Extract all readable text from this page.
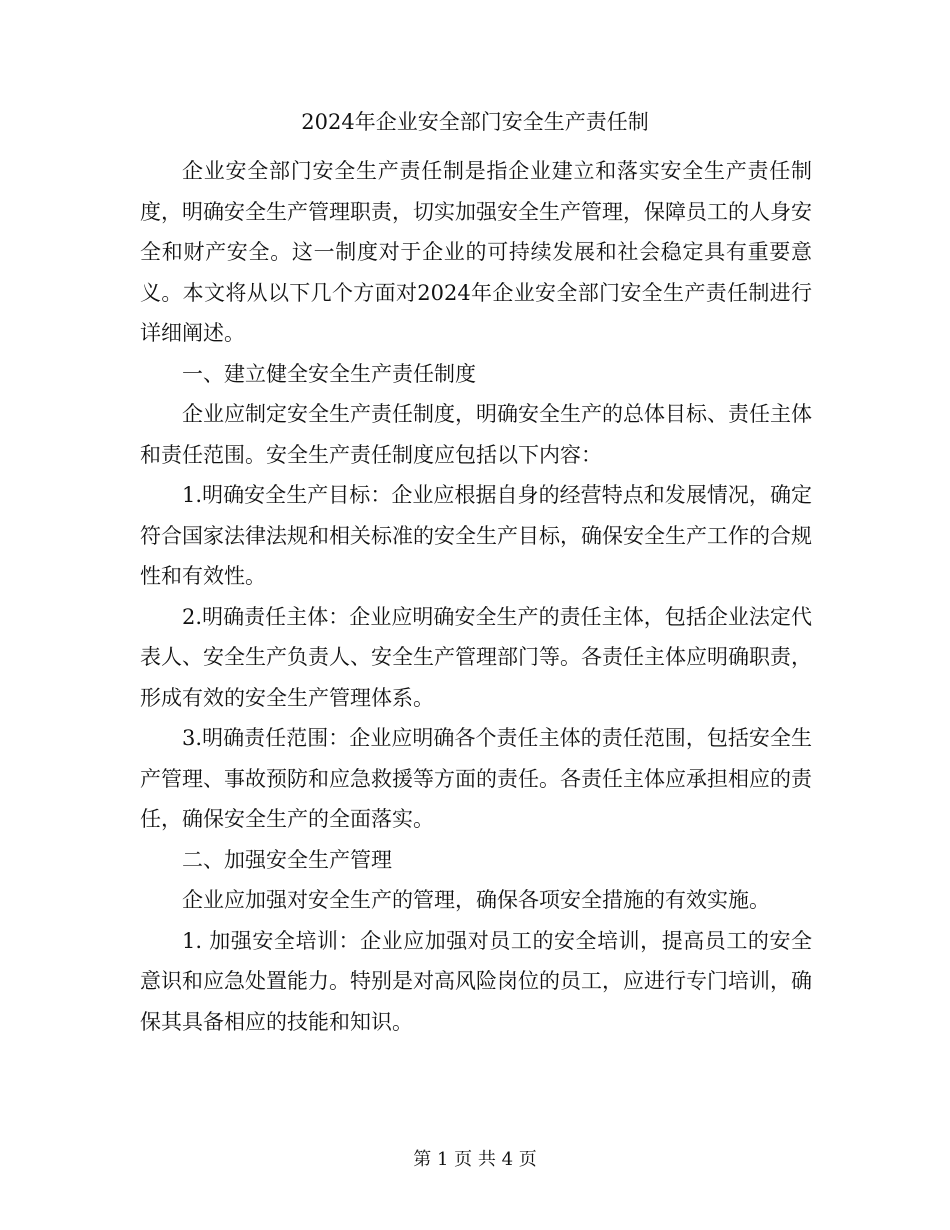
2024年企业安全部门安全生产责任制

企业安全部门安全生产责任制是指企业建立和落实安全生产责任制度，明确安全生产管理职责，切实加强安全生产管理，保障员工的人身安全和财产安全。这一制度对于企业的可持续发展和社会稳定具有重要意义。本文将从以下几个方面对2024年企业安全部门安全生产责任制进行详细阐述。

一、建立健全安全生产责任制度

企业应制定安全生产责任制度，明确安全生产的总体目标、责任主体和责任范围。安全生产责任制度应包括以下内容：

1.明确安全生产目标：企业应根据自身的经营特点和发展情况，确定符合国家法律法规和相关标准的安全生产目标，确保安全生产工作的合规性和有效性。

2.明确责任主体：企业应明确安全生产的责任主体，包括企业法定代表人、安全生产负责人、安全生产管理部门等。各责任主体应明确职责，形成有效的安全生产管理体系。

3.明确责任范围：企业应明确各个责任主体的责任范围，包括安全生产管理、事故预防和应急救援等方面的责任。各责任主体应承担相应的责任，确保安全生产的全面落实。

二、加强安全生产管理

企业应加强对安全生产的管理，确保各项安全措施的有效实施。

1. 加强安全培训：企业应加强对员工的安全培训，提高员工的安全意识和应急处置能力。特别是对高风险岗位的员工，应进行专门培训，确保其具备相应的技能和知识。

第 1 页 共 4 页
